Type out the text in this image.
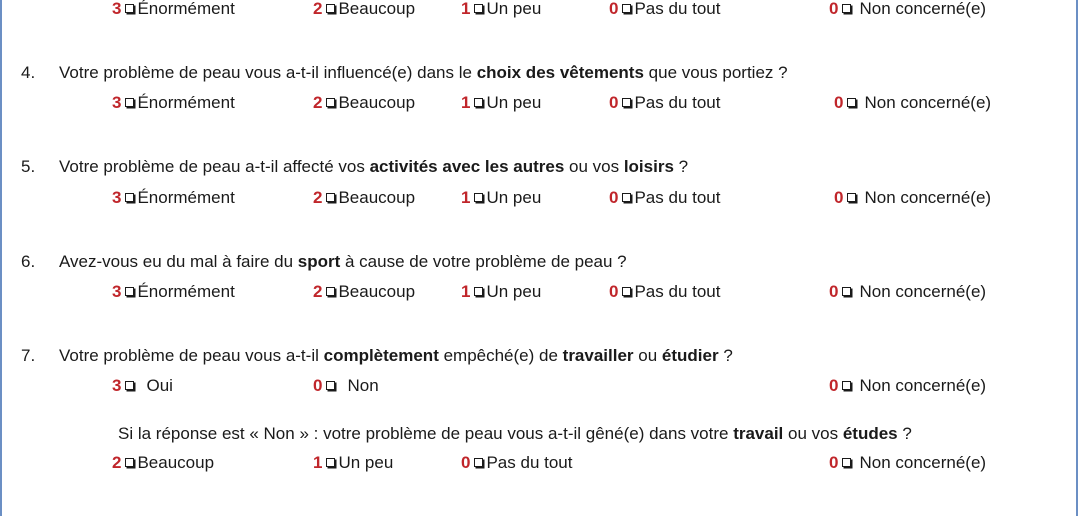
3 Énormément	2 Beaucoup	1 Un peu	0 Pas du tout	0 Non concerné(e)
4. Votre problème de peau vous a-t-il influencé(e) dans le choix des vêtements que vous portiez ?
3 Énormément	2 Beaucoup	1 Un peu	0 Pas du tout	0 Non concerné(e)
5. Votre problème de peau a-t-il affecté vos activités avec les autres ou vos loisirs ?
3 Énormément	2 Beaucoup	1 Un peu	0 Pas du tout	0 Non concerné(e)
6. Avez-vous eu du mal à faire du sport à cause de votre problème de peau ?
3 Énormément	2 Beaucoup	1 Un peu	0 Pas du tout	0 Non concerné(e)
7. Votre problème de peau vous a-t-il complètement empêché(e) de travailler ou étudier ?
3 Oui	0 Non	0 Non concerné(e)
Si la réponse est « Non » : votre problème de peau vous a-t-il gêné(e) dans votre travail ou vos études ?
2 Beaucoup	1 Un peu	0 Pas du tout	0 Non concerné(e)
